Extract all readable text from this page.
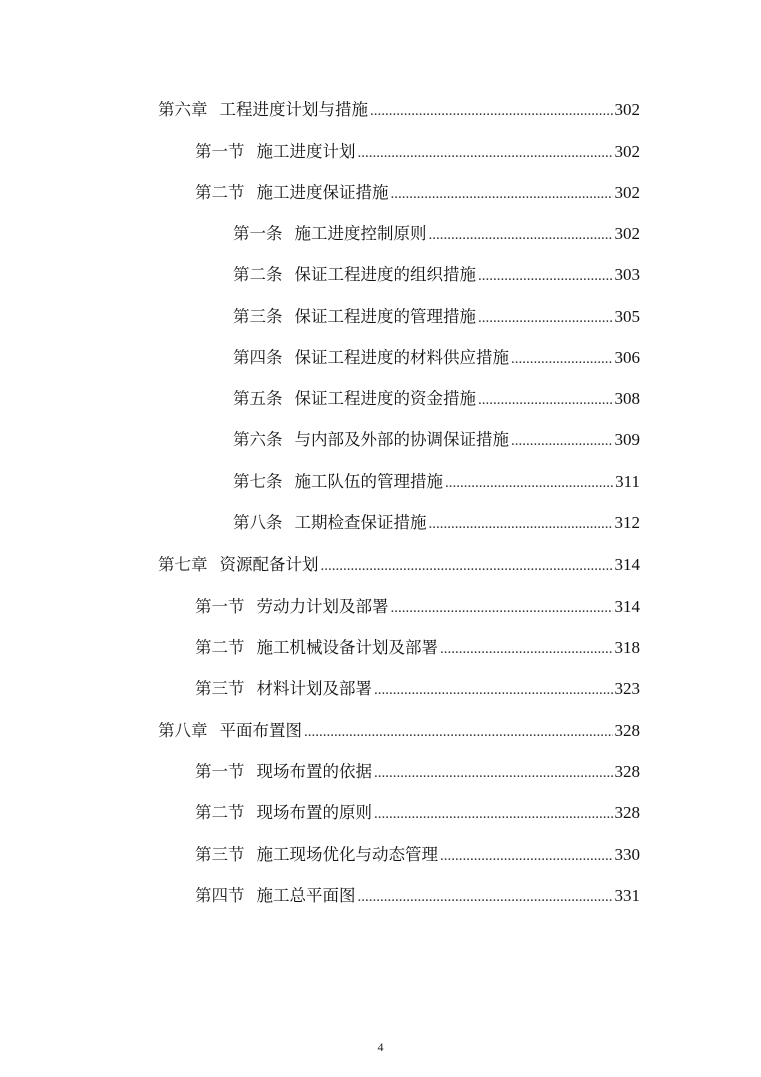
第六章 工程进度计划与措施 .....	302
第一节 施工进度计划 .....	302
第二节 施工进度保证措施 .....	302
第一条 施工进度控制原则 .....	302
第二条 保证工程进度的组织措施 .....	303
第三条 保证工程进度的管理措施 .....	305
第四条 保证工程进度的材料供应措施 .....	306
第五条 保证工程进度的资金措施 .....	308
第六条 与内部及外部的协调保证措施 .....	309
第七条 施工队伍的管理措施 .....	311
第八条 工期检查保证措施 .....	312
第七章 资源配备计划 .....	314
第一节 劳动力计划及部署 .....	314
第二节 施工机械设备计划及部署 .....	318
第三节 材料计划及部署 .....	323
第八章 平面布置图 .....	328
第一节 现场布置的依据 .....	328
第二节 现场布置的原则 .....	328
第三节 施工现场优化与动态管理 .....	330
第四节 施工总平面图 .....	331
4
